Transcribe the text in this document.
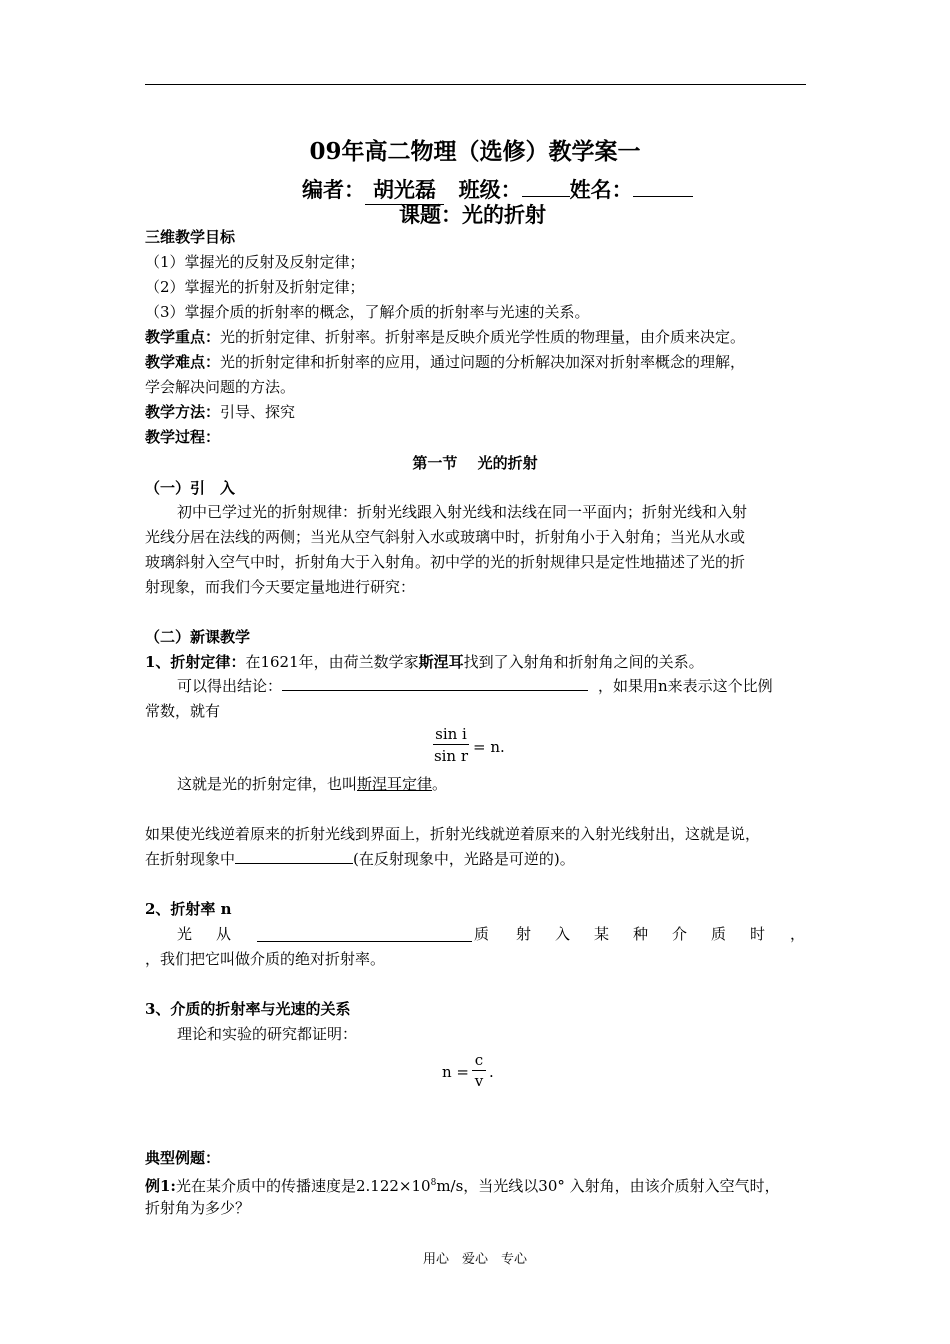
09年高二物理（选修）教学案一
编者： 胡光磊 班级： 姓名：
课题：光的折射
三维教学目标
（1）掌握光的反射及反射定律；
（2）掌握光的折射及折射定律；
（3）掌握介质的折射率的概念，了解介质的折射率与光速的关系。
教学重点：光的折射定律、折射率。折射率是反映介质光学性质的物理量，由介质来决定。
教学难点：光的折射定律和折射率的应用，通过问题的分析解决加深对折射率概念的理解，
学会解决问题的方法。
教学方法：引导、探究
教学过程：
第一节　 光的折射
（一）引　入
初中已学过光的折射规律：折射光线跟入射光线和法线在同一平面内；折射光线和入射
光线分居在法线的两侧；当光从空气斜射入水或玻璃中时，折射角小于入射角；当光从水或
玻璃斜射入空气中时，折射角大于入射角。初中学的光的折射规律只是定性地描述了光的折
射现象，而我们今天要定量地进行研究：
（二）新课教学
1、折射定律：在1621年，由荷兰数学家斯涅耳找到了入射角和折射角之间的关系。
可以得出结论：	，如果用n来表示这个比例
常数，就有
$\frac{\text{sin i}}{\text{sin r}} = n$.
这就是光的折射定律，也叫斯涅耳定律。
如果使光线逆着原来的折射光线到界面上，折射光线就逆着原来的入射光线射出，这就是说，
在折射现象中	(在反射现象中，光路是可逆的)。
2、折射率 n
光 从	质 射 入 某 种 介 质 时 ，
，我们把它叫做介质的绝对折射率。
3、介质的折射率与光速的关系
理论和实验的研究都证明：
$n = \frac{c}{v}$ .
典型例题：
例1:光在某介质中的传播速度是$2.122\times 10^8m/s$，当光线以30° 入射角，由该介质射入空气时，
折射角为多少？
用心　爱心　专心
